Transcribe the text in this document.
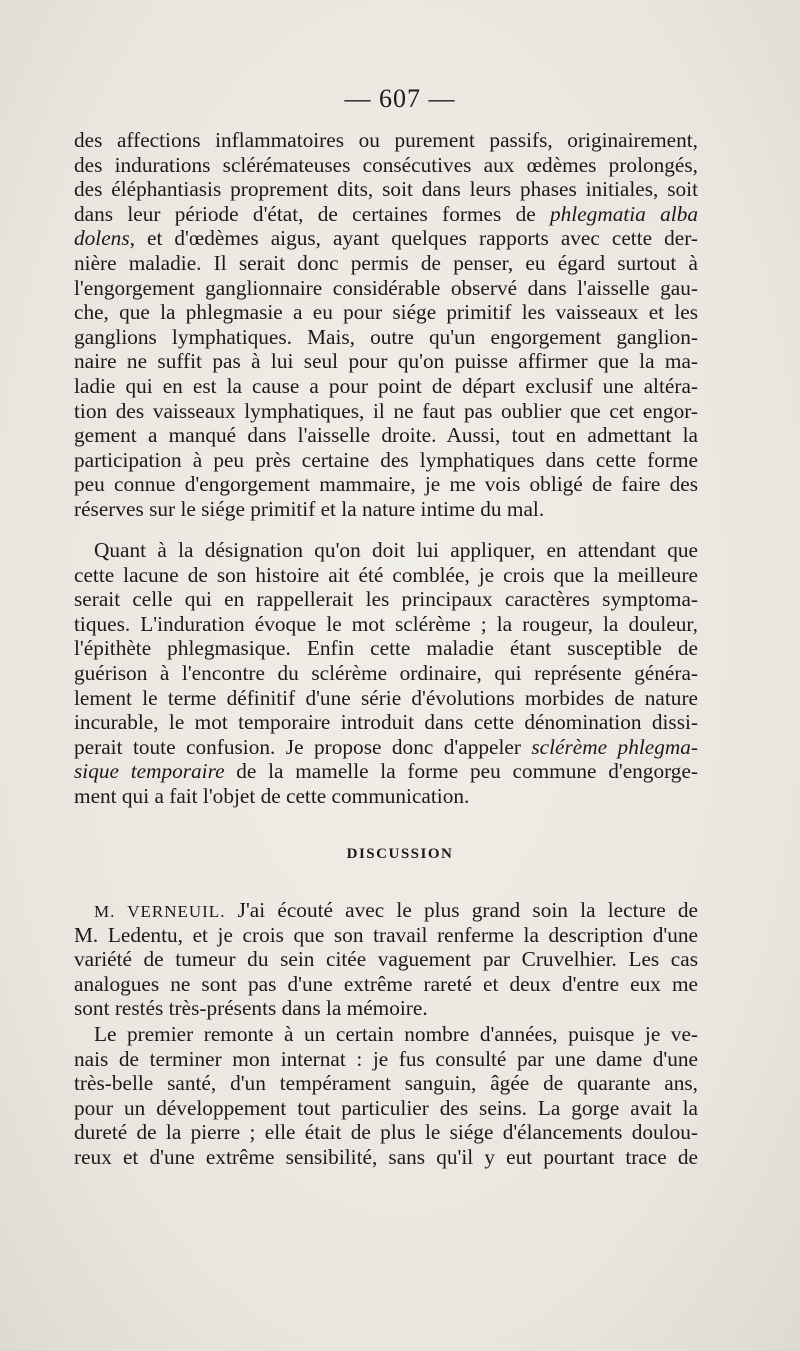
— 607 —
des affections inflammatoires ou purement passifs, originairement,
des indurations sclérémateuses consécutives aux œdèmes prolongés,
des éléphantiasis proprement dits, soit dans leurs phases initiales, soit
dans leur période d'état, de certaines formes de phlegmatia alba
dolens, et d'œdèmes aigus, ayant quelques rapports avec cette der-
nière maladie. Il serait donc permis de penser, eu égard surtout à
l'engorgement ganglionnaire considérable observé dans l'aisselle gau-
che, que la phlegmasie a eu pour siége primitif les vaisseaux et les
ganglions lymphatiques. Mais, outre qu'un engorgement ganglion-
naire ne suffit pas à lui seul pour qu'on puisse affirmer que la ma-
ladie qui en est la cause a pour point de départ exclusif une altéra-
tion des vaisseaux lymphatiques, il ne faut pas oublier que cet engor-
gement a manqué dans l'aisselle droite. Aussi, tout en admettant la
participation à peu près certaine des lymphatiques dans cette forme
peu connue d'engorgement mammaire, je me vois obligé de faire des
réserves sur le siége primitif et la nature intime du mal.
Quant à la désignation qu'on doit lui appliquer, en attendant que
cette lacune de son histoire ait été comblée, je crois que la meilleure
serait celle qui en rappellerait les principaux caractères symptoma-
tiques. L'induration évoque le mot sclérème ; la rougeur, la douleur,
l'épithète phlegmasique. Enfin cette maladie étant susceptible de
guérison à l'encontre du sclérème ordinaire, qui représente généra-
lement le terme définitif d'une série d'évolutions morbides de nature
incurable, le mot temporaire introduit dans cette dénomination dissi-
perait toute confusion. Je propose donc d'appeler sclérème phlegma-
sique temporaire de la mamelle la forme peu commune d'engorge-
ment qui a fait l'objet de cette communication.
DISCUSSION
M. VERNEUIL. J'ai écouté avec le plus grand soin la lecture de
M. Ledentu, et je crois que son travail renferme la description d'une
variété de tumeur du sein citée vaguement par Cruvelhier. Les cas
analogues ne sont pas d'une extrême rareté et deux d'entre eux me
sont restés très-présents dans la mémoire.
Le premier remonte à un certain nombre d'années, puisque je ve-
nais de terminer mon internat : je fus consulté par une dame d'une
très-belle santé, d'un tempérament sanguin, âgée de quarante ans,
pour un développement tout particulier des seins. La gorge avait la
dureté de la pierre ; elle était de plus le siége d'élancements doulou-
reux et d'une extrême sensibilité, sans qu'il y eut pourtant trace de
